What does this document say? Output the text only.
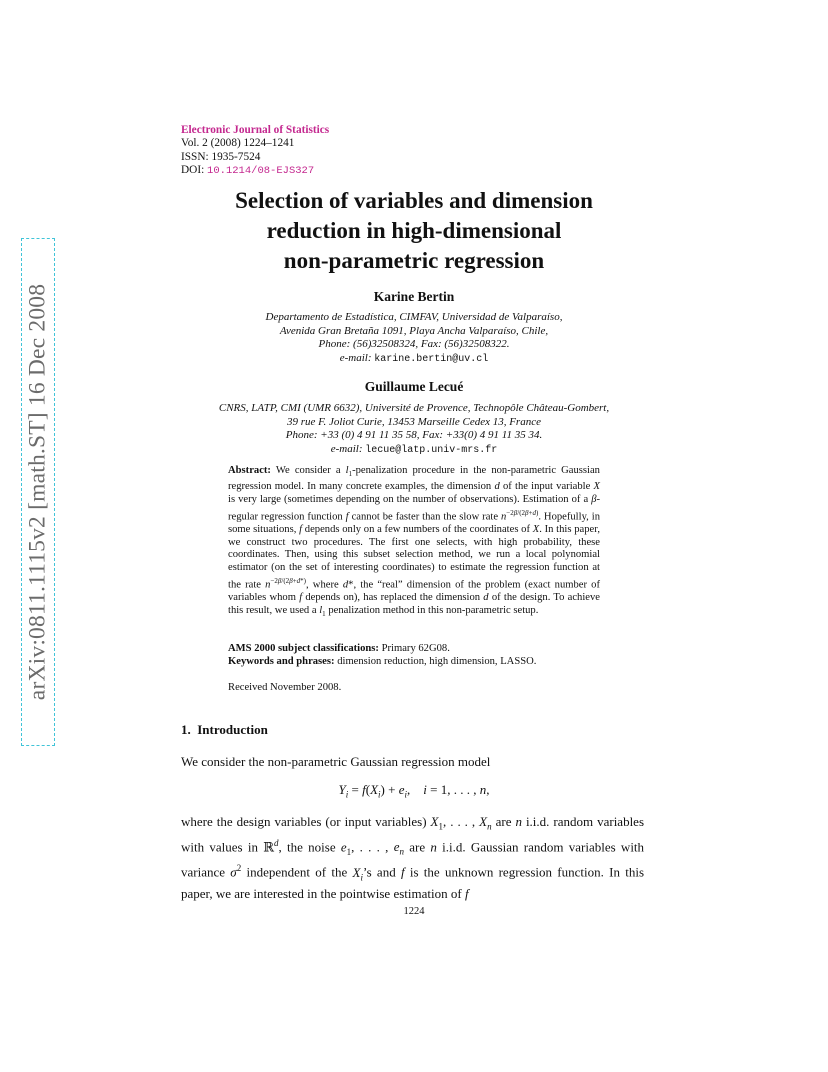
arXiv:0811.1115v2 [math.ST] 16 Dec 2008
Electronic Journal of Statistics
Vol. 2 (2008) 1224–1241
ISSN: 1935-7524
DOI: 10.1214/08-EJS327
Selection of variables and dimension
reduction in high-dimensional
non-parametric regression
Karine Bertin
Departamento de Estadística, CIMFAV, Universidad de Valparaíso,
Avenida Gran Bretaña 1091, Playa Ancha Valparaíso, Chile,
Phone: (56)32508324, Fax: (56)32508322.
e-mail: karine.bertin@uv.cl
Guillaume Lecué
CNRS, LATP, CMI (UMR 6632), Université de Provence, Technopôle Château-Gombert,
39 rue F. Joliot Curie, 13453 Marseille Cedex 13, France
Phone: +33 (0) 4 91 11 35 58, Fax: +33(0) 4 91 11 35 34.
e-mail: lecue@latp.univ-mrs.fr
Abstract: We consider a $l_1$-penalization procedure in the non-parametric Gaussian regression model. In many concrete examples, the dimension d of the input variable X is very large (sometimes depending on the number of observations). Estimation of a β-regular regression function f cannot be faster than the slow rate $n^{-2\beta/(2\beta+d)}$. Hopefully, in some situations, f depends only on a few numbers of the coordinates of X. In this paper, we construct two procedures. The first one selects, with high probability, these coordinates. Then, using this subset selection method, we run a local polynomial estimator (on the set of interesting coordinates) to estimate the regression function at the rate $n^{-2\beta/(2\beta+d*)}$, where d*, the “real” dimension of the problem (exact number of variables whom f depends on), has replaced the dimension d of the design. To achieve this result, we used a $l_1$ penalization method in this non-parametric setup.
AMS 2000 subject classifications: Primary 62G08.
Keywords and phrases: dimension reduction, high dimension, LASSO.
Received November 2008.
1. Introduction
We consider the non-parametric Gaussian regression model
$Y_i = f(X_i) + e_i$,    i = 1, . . . , n,
where the design variables (or input variables) $X_1$, . . . , $X_n$ are n i.i.d. random variables with values in ℝ$^d$, the noise $e_1$, . . . , $e_n$ are n i.i.d. Gaussian random variables with variance $\sigma^2$ independent of the $X_i’s$ and f is the unknown regression function. In this paper, we are interested in the pointwise estimation of f
1224
